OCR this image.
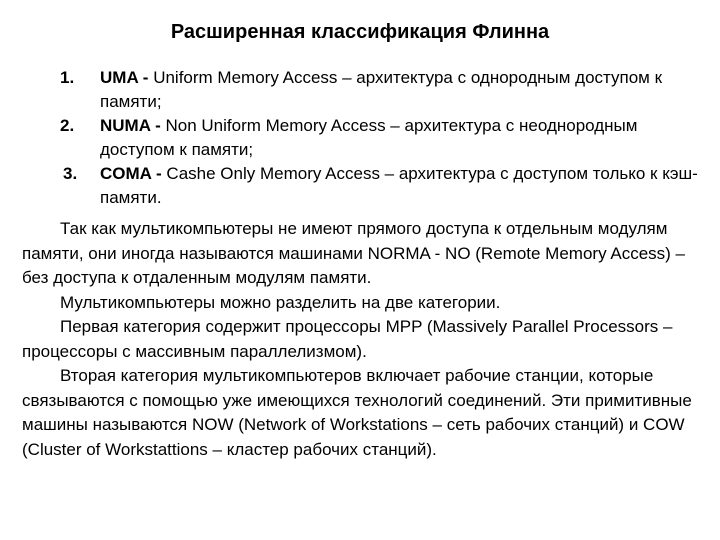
Расширенная классификация Флинна
1. UMA - Uniform Memory Access – архитектура с однородным доступом к памяти;
2. NUMA - Non Uniform Memory Access – архитектура с неоднородным доступом к памяти;
3. COMA - Cashe Only Memory Access – архитектура с доступом только к кэш-памяти.

Так как мультикомпьютеры не имеют прямого доступа к отдельным модулям памяти, они иногда называются машинами NORMA - NO (Remote Memory Access) – без доступа к отдаленным модулям памяти.

Мультикомпьютеры можно разделить на две категории.

Первая категория содержит процессоры MPP (Massively Parallel Processors – процессоры с массивным параллелизмом).

Вторая категория мультикомпьютеров включает рабочие станции, которые связываются с помощью уже имеющихся технологий соединений. Эти примитивные машины называются NOW (Network of Workstations – сеть рабочих станций) и COW (Cluster of Workstattions – кластер рабочих станций).
